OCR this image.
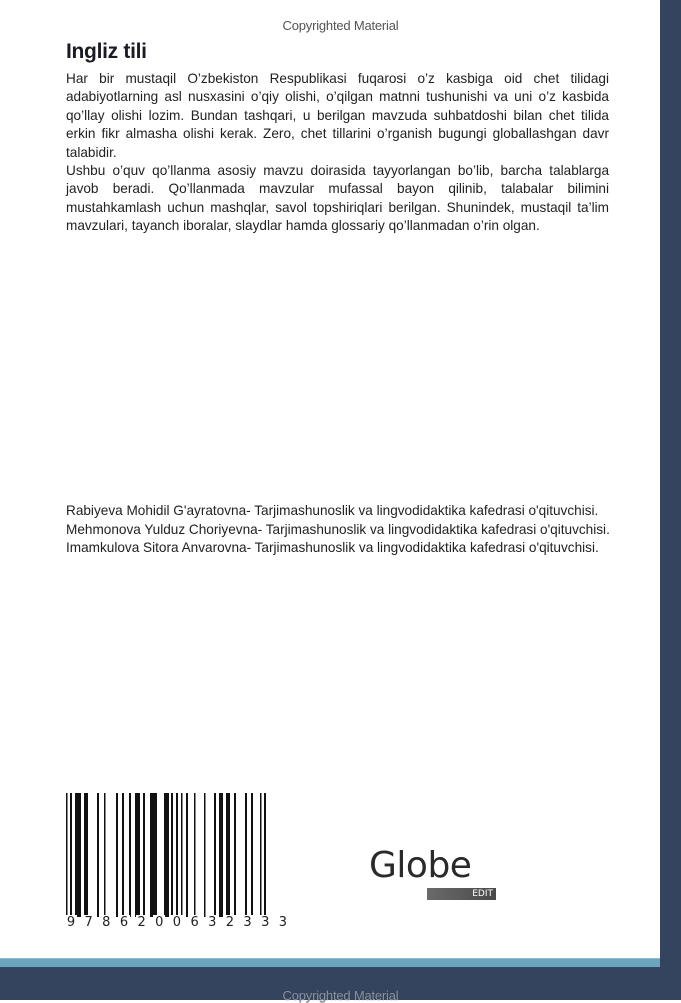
Copyrighted Material
Ingliz tili

Har bir mustaqil O’zbekiston Respublikasi fuqarosi o’z kasbiga oid chet tilidagi adabiyotlarning asl nusxasini o’qiy olishi, o’qilgan matnni tushunishi va uni o’z kasbida qo’llay olishi lozim. Bundan tashqari, u berilgan mavzuda suhbatdoshi bilan chet tilida erkin fikr almasha olishi kerak. Zero, chet tillarini o’rganish bugungi globallashgan davr talabidir.

Ushbu o’quv qo’llanma asosiy mavzu doirasida tayyorlangan bo’lib, barcha talablarga javob beradi. Qo’llanmada mavzular mufassal bayon qilinib, talabalar bilimini mustahkamlash uchun mashqlar, savol topshiriqlari berilgan. Shunindek, mustaqil ta’lim mavzulari, tayanch iboralar, slaydlar hamda glossariy qo’llanmadan o’rin olgan.

Rabiyeva Mohidil G'ayratovna- Tarjimashunoslik va lingvodidaktika kafedrasi o'qituvchisi.

Mehmonova Yulduz Choriyevna- Tarjimashunoslik va lingvodidaktika kafedrasi o'qituvchisi.

Imamkulova Sitora Anvarovna- Tarjimashunoslik va lingvodidaktika kafedrasi o'qituvchisi.

9 7 8 6 2 0 0 6 3 2 3 3 3
Globe
EDIT
Copyrighted Material
